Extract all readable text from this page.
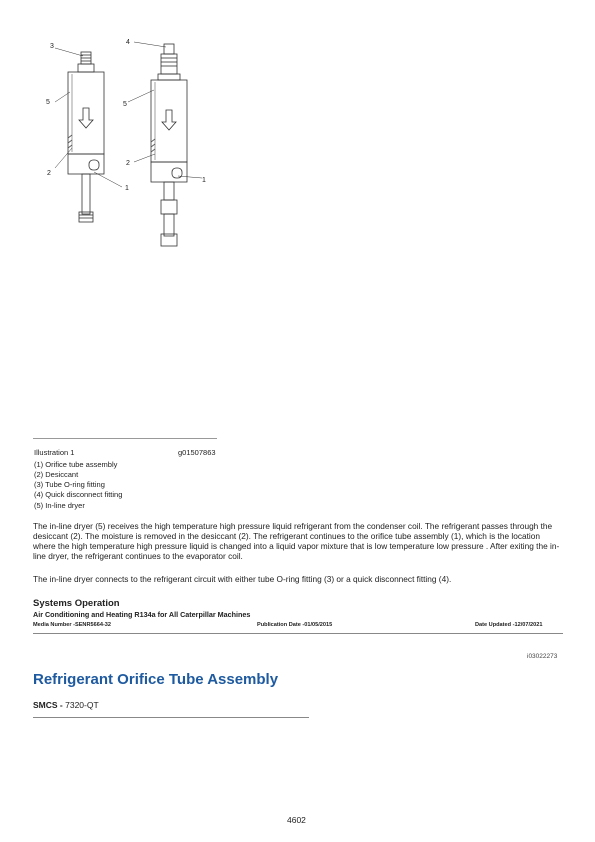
3
5
2
1
4
5
2
1
Illustration 1	g01507863
(1) Orifice tube assembly
(2) Desiccant
(3) Tube O-ring fitting
(4) Quick disconnect fitting
(5) In-line dryer
The in-line dryer (5) receives the high temperature high pressure liquid refrigerant from the condenser coil. The refrigerant passes through the desiccant (2). The moisture is removed in the desiccant (2). The refrigerant continues to the orifice tube assembly (1), which is the location where the high temperature high pressure liquid is changed into a liquid vapor mixture that is low temperature low pressure . After exiting the in-line dryer, the refrigerant continues to the evaporator coil.
The in-line dryer connects to the refrigerant circuit with either tube O-ring fitting (3) or a quick disconnect fitting (4).
Systems Operation
Air Conditioning and Heating R134a for All Caterpillar Machines
Media Number -SENR5664-32	Publication Date -01/05/2015	Date Updated -12/07/2021
i03022273
Refrigerant Orifice Tube Assembly
SMCS - 7320-QT
4602
